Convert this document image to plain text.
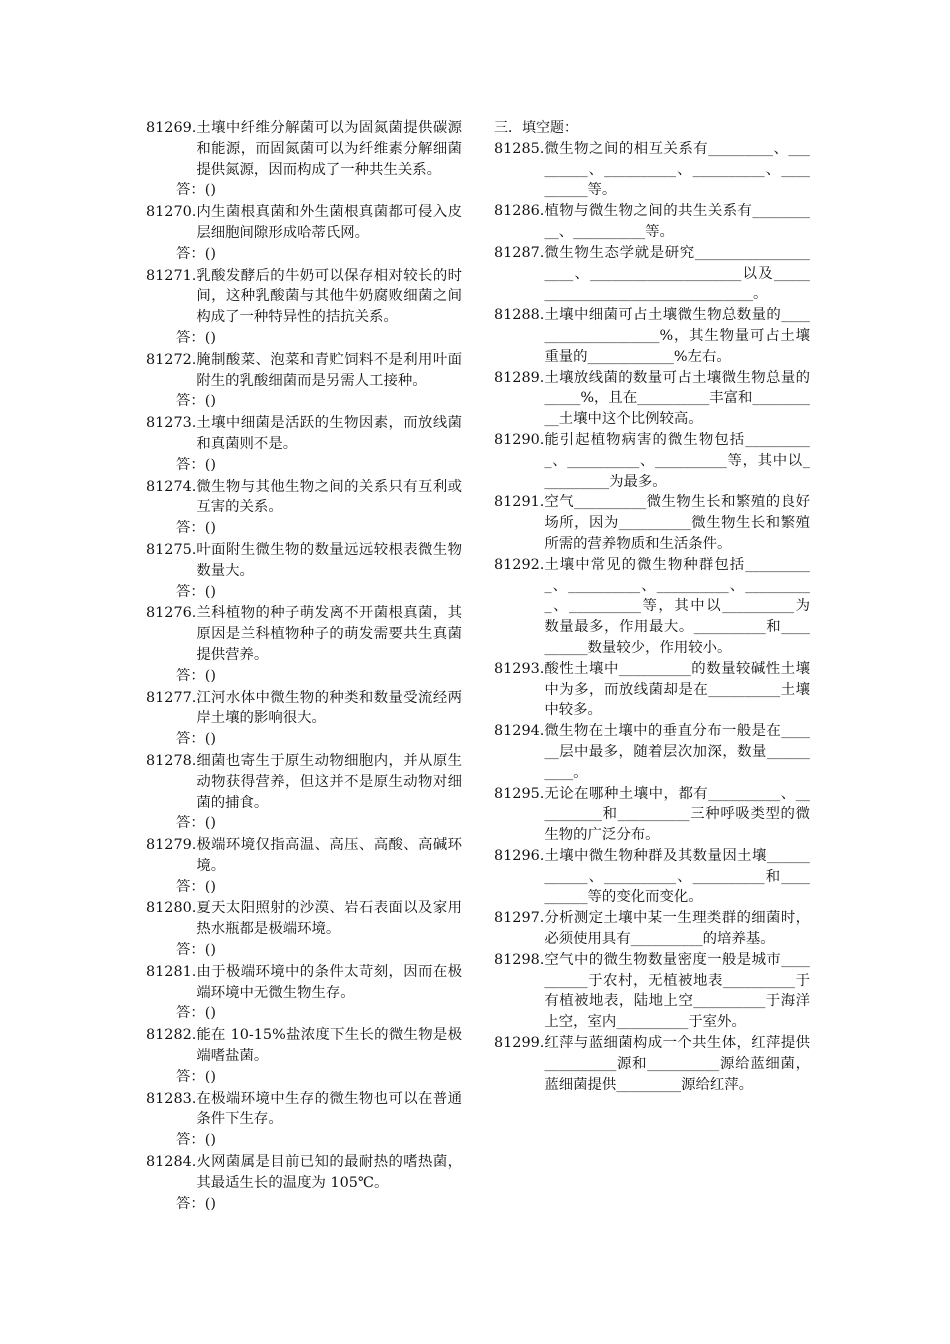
81269. 土壤中纤维分解菌可以为固氮菌提供碳源和能源，而固氮菌可以为纤维素分解细菌提供氮源，因而构成了一种共生关系。
答：()
81270. 内生菌根真菌和外生菌根真菌都可侵入皮层细胞间隙形成哈蒂氏网。
答：()
81271. 乳酸发酵后的牛奶可以保存相对较长的时间，这种乳酸菌与其他牛奶腐败细菌之间构成了一种特异性的拮抗关系。
答：()
81272. 腌制酸菜、泡菜和青贮饲料不是利用叶面附生的乳酸细菌而是另需人工接种。
答：()
81273. 土壤中细菌是活跃的生物因素，而放线菌和真菌则不是。
答：()
81274. 微生物与其他生物之间的关系只有互利或互害的关系。
答：()
81275. 叶面附生微生物的数量远远较根表微生物数量大。
答：()
81276. 兰科植物的种子萌发离不开菌根真菌，其原因是兰科植物种子的萌发需要共生真菌提供营养。
答：()
81277. 江河水体中微生物的种类和数量受流经两岸土壤的影响很大。
答：()
81278. 细菌也寄生于原生动物细胞内，并从原生动物获得营养，但这并不是原生动物对细菌的捕食。
答：()
81279. 极端环境仅指高温、高压、高酸、高碱环境。
答：()
81280. 夏天太阳照射的沙漠、岩石表面以及家用热水瓶都是极端环境。
答：()
81281. 由于极端环境中的条件太苛刻，因而在极端环境中无微生物生存。
答：()
81282. 能在 10-15%盐浓度下生长的微生物是极端嗜盐菌。
答：()
81283. 在极端环境中生存的微生物也可以在普通条件下生存。
答：()
81284. 火网菌属是目前已知的最耐热的嗜热菌，其最适生长的温度为 105℃。
答：()
三．填空题：
81285. 微生物之间的相互关系有_________、_________、__________、__________、__________等。
81286. 植物与微生物之间的共生关系有__________、__________等。
81287. 微生物生态学就是研究____________________、_____________________以及__________________________________。
81288. 土壤中细菌可占土壤微生物总数量的____________________%，其生物量可占土壤重量的____________%左右。
81289. 土壤放线菌的数量可占土壤微生物总量的_____%，且在__________丰富和__________土壤中这个比例较高。
81290. 能引起植物病害的微生物包括__________、__________、__________等，其中以__________为最多。
81291. 空气__________微生物生长和繁殖的良好场所，因为__________微生物生长和繁殖所需的营养物质和生活条件。
81292. 土壤中常见的微生物种群包括__________、__________、__________、__________、__________等，其中以__________为数量最多，作用最大。__________和__________数量较少，作用较小。
81293. 酸性土壤中__________的数量较碱性土壤中为多，而放线菌却是在__________土壤中较多。
81294. 微生物在土壤中的垂直分布一般是在______层中最多，随着层次加深，数量__________。
81295. 无论在哪种土壤中，都有__________、__________和__________三种呼吸类型的微生物的广泛分布。
81296. 土壤中微生物种群及其数量因土壤____________、__________、__________和__________等的变化而变化。
81297. 分析测定土壤中某一生理类群的细菌时，必须使用具有__________的培养基。
81298. 空气中的微生物数量密度一般是城市__________于农村，无植被地表__________于有植被地表，陆地上空__________于海洋上空，室内__________于室外。
81299. 红萍与蓝细菌构成一个共生体，红萍提供__________源和__________源给蓝细菌，蓝细菌提供_________源给红萍。
